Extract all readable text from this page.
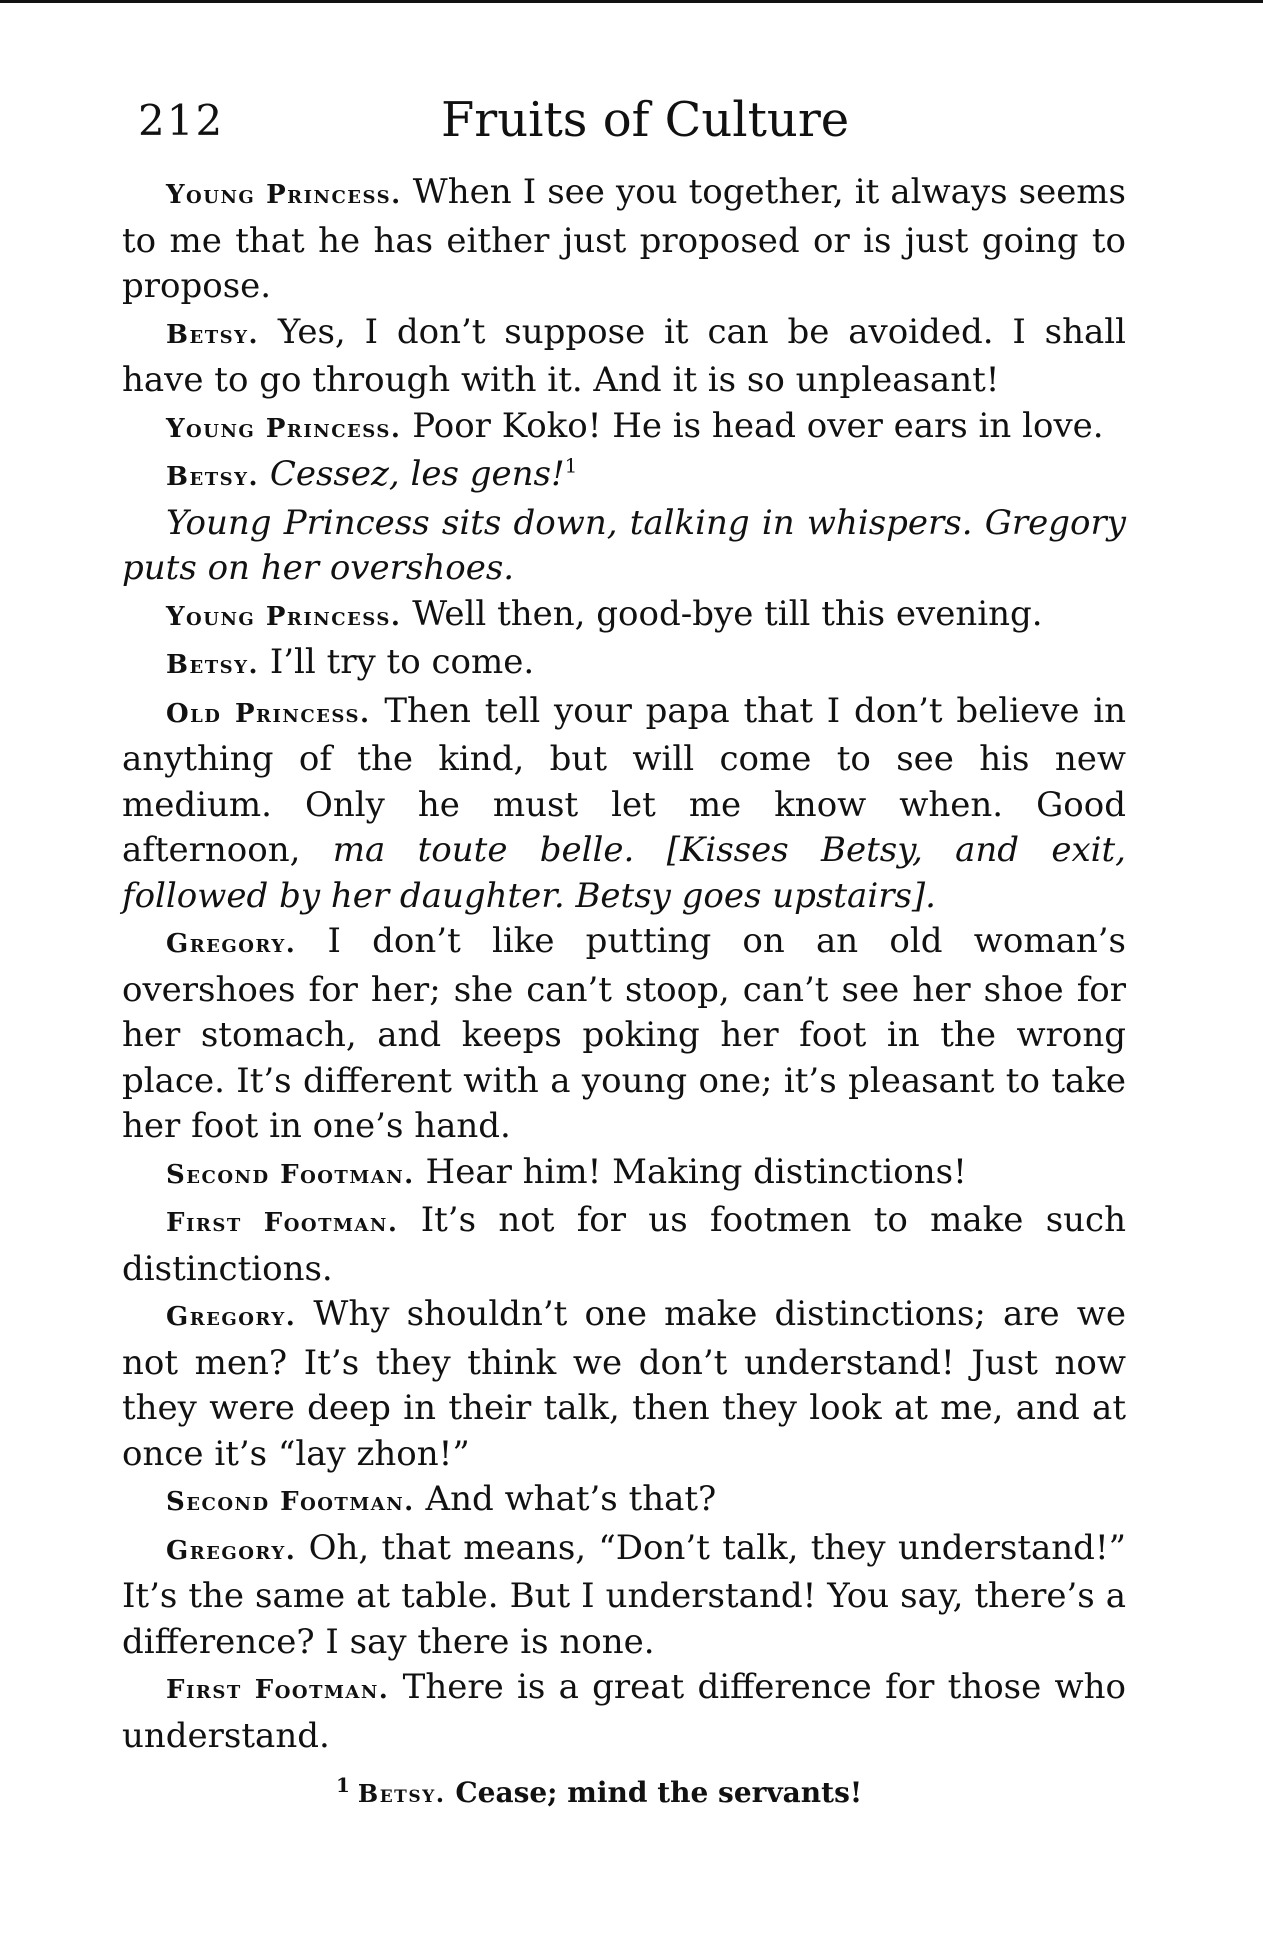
212	Fruits of Culture

Young Princess. When I see you together, it always seems to me that he has either just proposed or is just going to propose.

Betsy. Yes, I don’t suppose it can be avoided. I shall have to go through with it. And it is so unpleasant!

Young Princess. Poor Koko! He is head over ears in love.

Betsy. Cessez, les gens!$^1$

Young Princess sits down, talking in whispers. Gregory puts on her overshoes.

Young Princess. Well then, good-bye till this evening.

Betsy. I’ll try to come.

Old Princess. Then tell your papa that I don’t believe in anything of the kind, but will come to see his new medium. Only he must let me know when. Good afternoon, ma toute belle. [Kisses Betsy, and exit, followed by her daughter. Betsy goes upstairs].

Gregory. I don’t like putting on an old woman’s overshoes for her; she can’t stoop, can’t see her shoe for her stomach, and keeps poking her foot in the wrong place. It’s different with a young one; it’s pleasant to take her foot in one’s hand.

Second Footman. Hear him! Making distinctions!

First Footman. It’s not for us footmen to make such distinctions.

Gregory. Why shouldn’t one make distinctions; are we not men? It’s they think we don’t understand! Just now they were deep in their talk, then they look at me, and at once it’s “lay zhon!”

Second Footman. And what’s that?

Gregory. Oh, that means, “Don’t talk, they understand!” It’s the same at table. But I understand! You say, there’s a difference? I say there is none.

First Footman. There is a great difference for those who understand.

$^1$ Betsy. Cease; mind the servants!
